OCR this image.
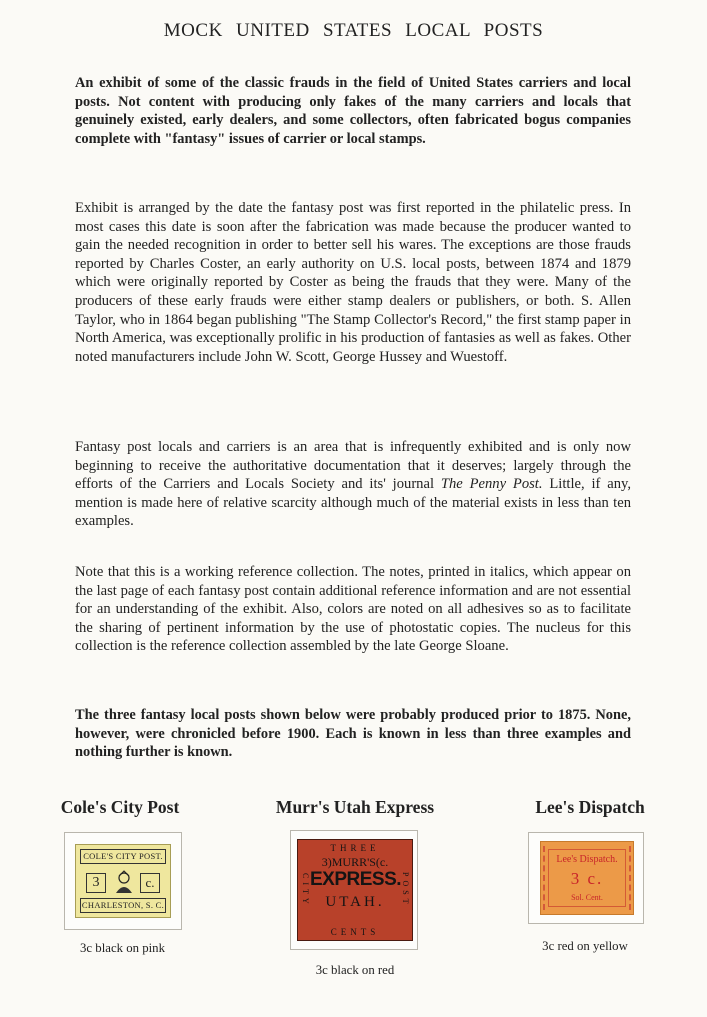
MOCK UNITED STATES LOCAL POSTS
An exhibit of some of the classic frauds in the field of United States carriers and local posts. Not content with producing only fakes of the many carriers and locals that genuinely existed, early dealers, and some collectors, often fabricated bogus companies complete with "fantasy" issues of carrier or local stamps.
Exhibit is arranged by the date the fantasy post was first reported in the philatelic press. In most cases this date is soon after the fabrication was made because the producer wanted to gain the needed recognition in order to better sell his wares. The exceptions are those frauds reported by Charles Coster, an early authority on U.S. local posts, between 1874 and 1879 which were originally reported by Coster as being the frauds that they were. Many of the producers of these early frauds were either stamp dealers or publishers, or both. S. Allen Taylor, who in 1864 began publishing "The Stamp Collector's Record," the first stamp paper in North America, was exceptionally prolific in his production of fantasies as well as fakes. Other noted manufacturers include John W. Scott, George Hussey and Wuestoff.
Fantasy post locals and carriers is an area that is infrequently exhibited and is only now beginning to receive the authoritative documentation that it deserves; largely through the efforts of the Carriers and Locals Society and its' journal The Penny Post. Little, if any, mention is made here of relative scarcity although much of the material exists in less than ten examples.
Note that this is a working reference collection. The notes, printed in italics, which appear on the last page of each fantasy post contain additional reference information and are not essential for an understanding of the exhibit. Also, colors are noted on all adhesives so as to facilitate the sharing of pertinent information by the use of photostatic copies. The nucleus for this collection is the reference collection assembled by the late George Sloane.
The three fantasy local posts shown below were probably produced prior to 1875. None, however, were chronicled before 1900. Each is known in less than three examples and nothing further is known.
Cole's City Post
COLE'S CITY POST.
3	c.
CHARLESTON, S. C.
3c black on pink
Murr's Utah Express
THREE
CITY	POST
3)MURR'S(c.
EXPRESS.
UTAH.
CENTS
3c black on red
Lee's Dispatch
Lee's Dispatch.
3 c.
Sol. Cent.
3c red on yellow
